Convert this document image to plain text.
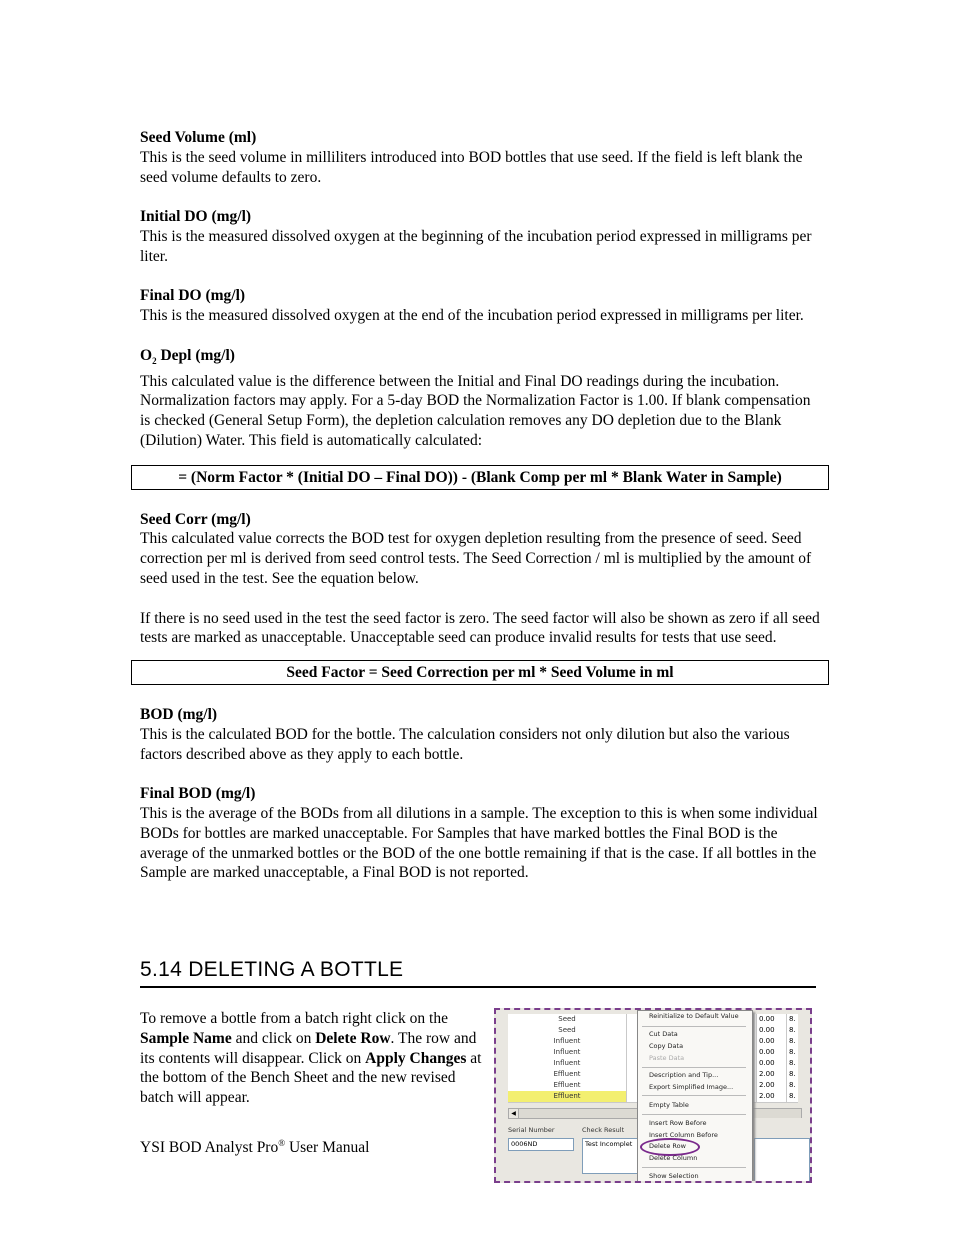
Seed Volume (ml)

This is the seed volume in milliliters introduced into BOD bottles that use seed. If the field is left blank the seed volume defaults to zero.

Initial DO (mg/l)

This is the measured dissolved oxygen at the beginning of the incubation period expressed in milligrams per liter.

Final DO (mg/l)

This is the measured dissolved oxygen at the end of the incubation period expressed in milligrams per liter.

$O_2$ Depl (mg/l)

This calculated value is the difference between the Initial and Final DO readings during the incubation. Normalization factors may apply. For a 5-day BOD the Normalization Factor is 1.00. If blank compensation is checked (General Setup Form), the depletion calculation removes any DO depletion due to the Blank (Dilution) Water. This field is automatically calculated:

= (Norm Factor * (Initial DO – Final DO)) - (Blank Comp per ml * Blank Water in Sample)
Seed Corr (mg/l)

This calculated value corrects the BOD test for oxygen depletion resulting from the presence of seed. Seed correction per ml is derived from seed control tests. The Seed Correction / ml is multiplied by the amount of seed used in the test. See the equation below.

If there is no seed used in the test the seed factor is zero. The seed factor will also be shown as zero if all seed tests are marked as unacceptable. Unacceptable seed can produce invalid results for tests that use seed.

Seed Factor = Seed Correction per ml * Seed Volume in ml
BOD (mg/l)

This is the calculated BOD for the bottle. The calculation considers not only dilution but also the various factors described above as they apply to each bottle.

Final BOD (mg/l)

This is the average of the BODs from all dilutions in a sample. The exception to this is when some individual BODs for bottles are marked unacceptable. For Samples that have marked bottles the Final BOD is the average of the unmarked bottles or the BOD of the one bottle remaining if that is the case. If all bottles in the Sample are marked unacceptable, a Final BOD is not reported.

5.14 DELETING A BOTTLE
To remove a bottle from a batch right click on the Sample Name and click on Delete Row. The row and its contents will disappear. Click on Apply Changes at the bottom of the Bench Sheet and the new revised batch will appear.
YSI BOD Analyst Pro® User Manual
Seed	0.00	8.
Seed	0.00	8.
Influent	0.00	8.
Influent	0.00	8.
Influent	0.00	8.
Effluent	2.00	8.
Effluent	2.00	8.
Effluent	2.00	8.
◀
Serial Number	Check Result
0006ND	Test Incomplet
Reinitialize to Default Value
Cut Data
Copy Data
Paste Data
Description and Tip...
Export Simplified Image...
Empty Table
Insert Row Before
Insert Column Before
Delete Row
Delete Column
Show Selection
